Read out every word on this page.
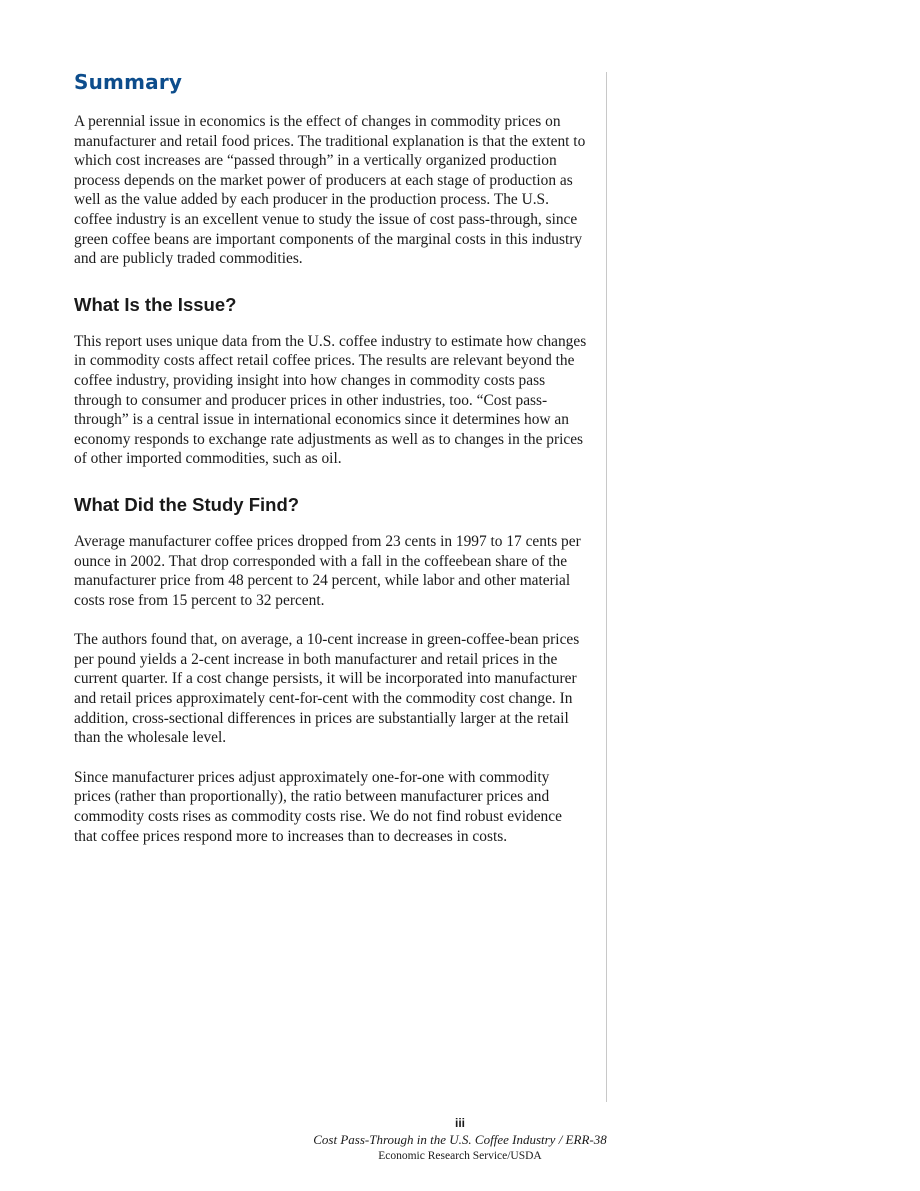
Summary

A perennial issue in economics is the effect of changes in commodity prices on manufacturer and retail food prices. The traditional explanation is that the extent to which cost increases are “passed through” in a vertically organized production process depends on the market power of producers at each stage of production as well as the value added by each producer in the production process. The U.S. coffee industry is an excellent venue to study the issue of cost pass-through, since green coffee beans are important components of the marginal costs in this industry and are publicly traded commodities.

What Is the Issue?

This report uses unique data from the U.S. coffee industry to estimate how changes in commodity costs affect retail coffee prices. The results are relevant beyond the coffee industry, providing insight into how changes in commodity costs pass through to consumer and producer prices in other industries, too. “Cost pass-through” is a central issue in international economics since it determines how an economy responds to exchange rate adjustments as well as to changes in the prices of other imported commodities, such as oil.

What Did the Study Find?

Average manufacturer coffee prices dropped from 23 cents in 1997 to 17 cents per ounce in 2002. That drop corresponded with a fall in the coffeebean share of the manufacturer price from 48 percent to 24 percent, while labor and other material costs rose from 15 percent to 32 percent.

The authors found that, on average, a 10-cent increase in green-coffee-bean prices per pound yields a 2-cent increase in both manufacturer and retail prices in the current quarter. If a cost change persists, it will be incorporated into manufacturer and retail prices approximately cent-for-cent with the commodity cost change. In addition, cross-sectional differences in prices are substantially larger at the retail than the wholesale level.

Since manufacturer prices adjust approximately one-for-one with commodity prices (rather than proportionally), the ratio between manufacturer prices and commodity costs rises as commodity costs rise. We do not find robust evidence that coffee prices respond more to increases than to decreases in costs.

iii
Cost Pass-Through in the U.S. Coffee Industry / ERR-38
Economic Research Service/USDA
